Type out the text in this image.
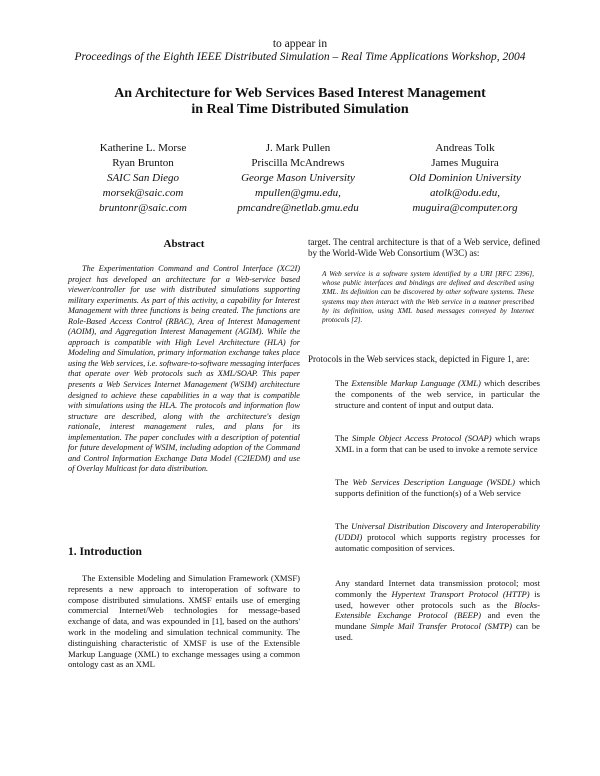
to appear in
Proceedings of the Eighth IEEE Distributed Simulation – Real Time Applications Workshop, 2004
An Architecture for Web Services Based Interest Management
in Real Time Distributed Simulation
Katherine L. Morse
Ryan Brunton
SAIC San Diego
morsek@saic.com
bruntonr@saic.com
J. Mark Pullen
Priscilla McAndrews
George Mason University
mpullen@gmu.edu,
pmcandre@netlab.gmu.edu
Andreas Tolk
James Muguira
Old Dominion University
atolk@odu.edu,
muguira@computer.org
Abstract
The Experimentation Command and Control Interface (XC2I) project has developed an architecture for a Web-service based viewer/controller for use with distributed simulations supporting military experiments. As part of this activity, a capability for Interest Management with three functions is being created. The functions are Role-Based Access Control (RBAC), Area of Interest Management (AOIM), and Aggregation Interest Management (AGIM). While the approach is compatible with High Level Architecture (HLA) for Modeling and Simulation, primary information exchange takes place using the Web services, i.e. software-to-software messaging interfaces that operate over Web protocols such as XML/SOAP. This paper presents a Web Services Internet Management (WSIM) architecture designed to achieve these capabilities in a way that is compatible with simulations using the HLA. The protocols and information flow structure are described, along with the architecture's design rationale, interest management rules, and plans for its implementation. The paper concludes with a description of potential for future development of WSIM, including adoption of the Command and Control Information Exchange Data Model (C2IEDM) and use of Overlay Multicast for data distribution.
1. Introduction
The Extensible Modeling and Simulation Framework (XMSF) represents a new approach to interoperation of software to compose distributed simulations. XMSF entails use of emerging commercial Internet/Web technologies for message-based exchange of data, and was expounded in [1], based on the authors' work in the modeling and simulation technical community. The distinguishing characteristic of XMSF is use of the Extensible Markup Language (XML) to exchange messages using a common ontology cast as an XML
target. The central architecture is that of a Web service, defined by the World-Wide Web Consortium (W3C) as:
A Web service is a software system identified by a URI [RFC 2396], whose public interfaces and bindings are defined and described using XML. Its definition can be discovered by other software systems. These systems may then interact with the Web service in a manner prescribed by its definition, using XML based messages conveyed by Internet protocols [2].
Protocols in the Web services stack, depicted in Figure 1, are:
The Extensible Markup Language (XML) which describes the components of the web service, in particular the structure and content of input and output data.
The Simple Object Access Protocol (SOAP) which wraps XML in a form that can be used to invoke a remote service
The Web Services Description Language (WSDL) which supports definition of the function(s) of a Web service
The Universal Distribution Discovery and Interoperability (UDDI) protocol which supports registry processes for automatic composition of services.
Any standard Internet data transmission protocol; most commonly the Hypertext Transport Protocol (HTTP) is used, however other protocols such as the Blocks-Extensible Exchange Protocol (BEEP) and even the mundane Simple Mail Transfer Protocol (SMTP) can be used.
